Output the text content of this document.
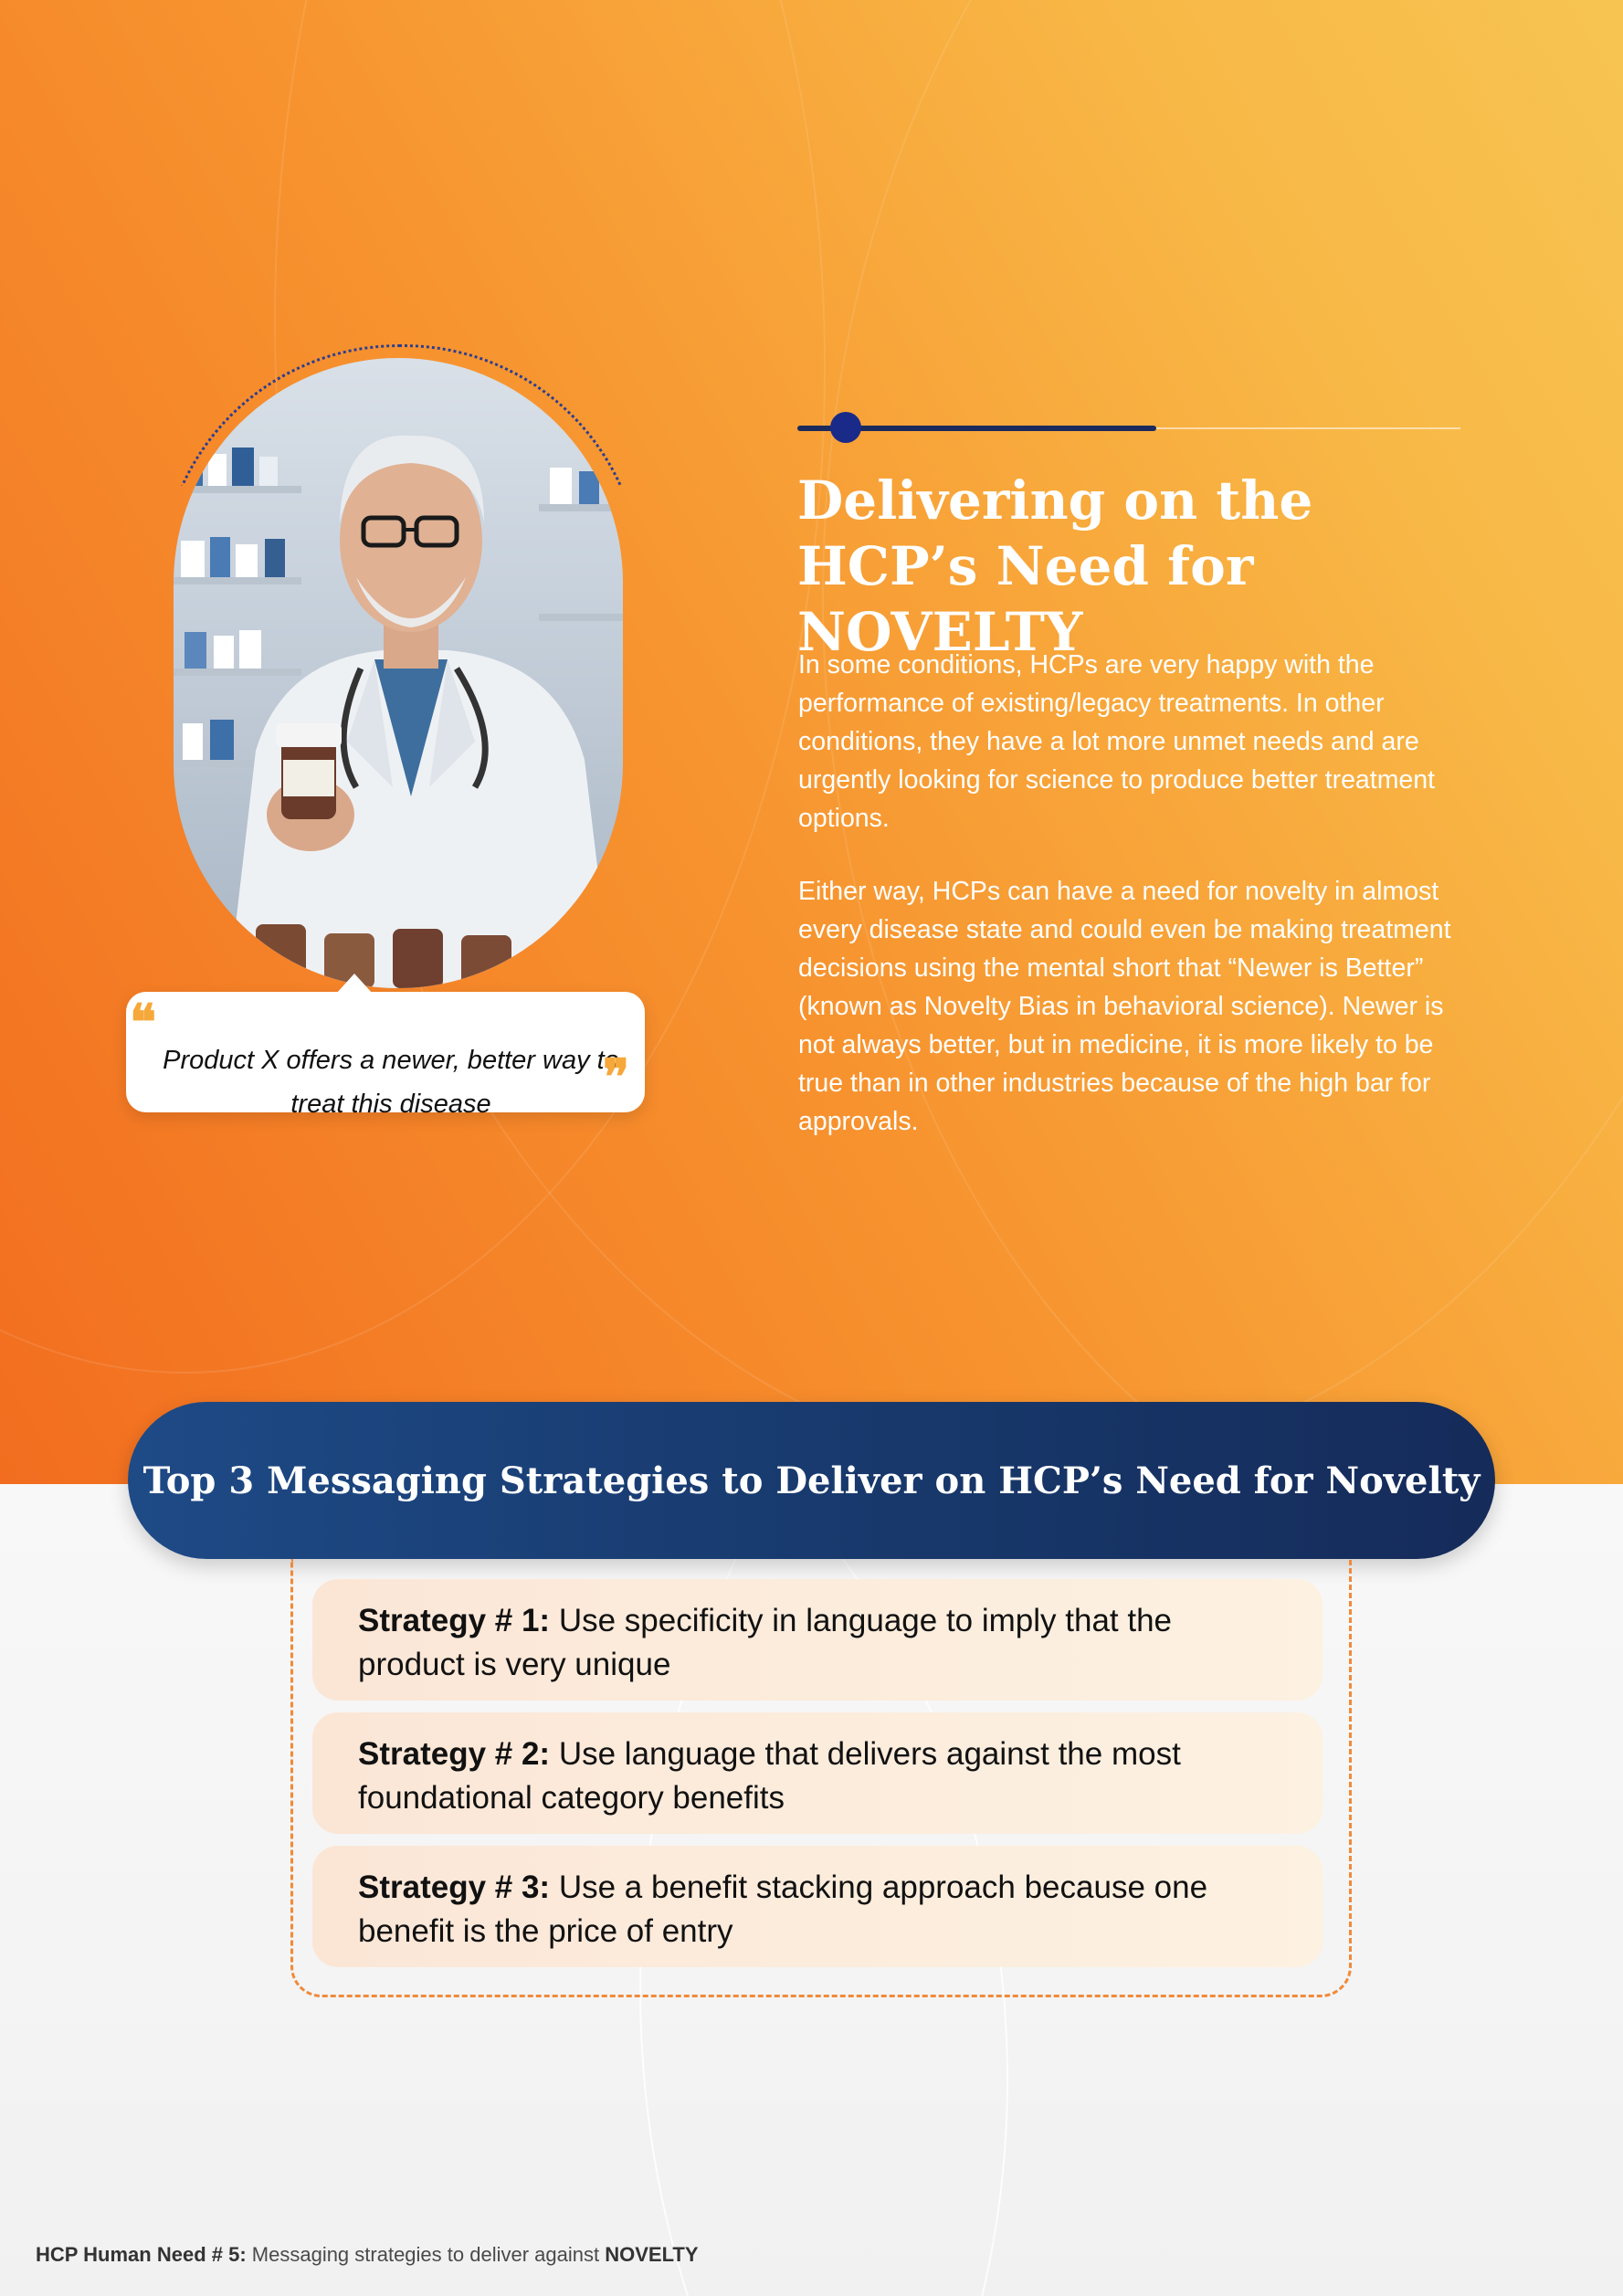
❝

Product X offers a newer, better way to treat this disease	❞
Delivering on the HCP’s Need for NOVELTY

In some conditions, HCPs are very happy with the performance of existing/legacy treatments. In other conditions, they have a lot more unmet needs and are urgently looking for science to produce better treatment options.

Either way, HCPs can have a need for novelty in almost every disease state and could even be making treatment decisions using the mental short that “Newer is Better” (known as Novelty Bias in behavioral science). Newer is not always better, but in medicine, it is more likely to be true than in other industries because of the high bar for approvals.

Top 3 Messaging Strategies to Deliver on HCP’s Need for Novelty

Strategy # 1: Use specificity in language to imply that the product is very unique

Strategy # 2: Use language that delivers against the most foundational category benefits

Strategy # 3: Use a benefit stacking approach because one benefit is the price of entry

HCP Human Need # 5: Messaging strategies to deliver against NOVELTY
